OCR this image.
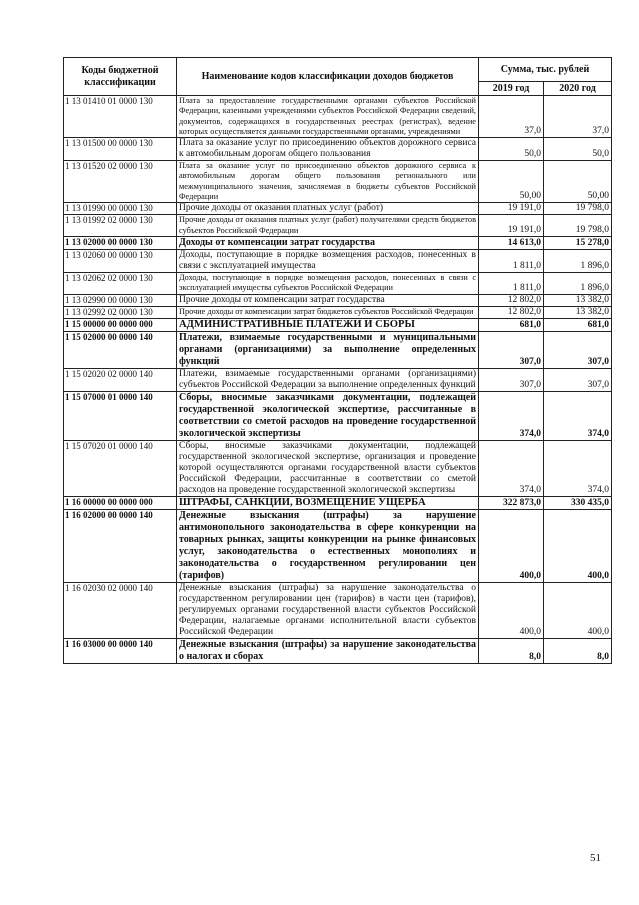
Коды бюджетной классификации	Наименование кодов классификации доходов бюджетов	Сумма, тыс. рублей	
		2019 год	2020 год
1 13 01410 01 0000 130	Плата за предоставление государственными органами субъектов Российской Федерации, казенными учреждениями субъектов Российской Федерации сведений, документов, содержащихся в государственных реестрах (регистрах), ведение которых осуществляется данными государственными органами, учреждениями	37,0	37,0
1 13 01500 00 0000 130	Плата за оказание услуг по присоединению объектов дорожного сервиса к автомобильным дорогам общего пользования	50,0	50,0
1 13 01520 02 0000 130	Плата за оказание услуг по присоединению объектов дорожного сервиса к автомобильным дорогам общего пользования регионального или межмуниципального значения, зачисляемая в бюджеты субъектов Российской Федерации	50,00	50,00
1 13 01990 00 0000 130	Прочие доходы от оказания платных услуг (работ)	19 191,0	19 798,0
1 13 01992 02 0000 130	Прочие доходы от оказания платных услуг (работ) получателями средств бюджетов субъектов Российской Федерации	19 191,0	19 798,0
1 13 02000 00 0000 130	Доходы от компенсации затрат государства	14 613,0	15 278,0
1 13 02060 00 0000 130	Доходы, поступающие в порядке возмещения расходов, понесенных в связи с эксплуатацией имущества	1 811,0	1 896,0
1 13 02062 02 0000 130	Доходы, поступающие в порядке возмещения расходов, понесенных в связи с эксплуатацией имущества субъектов Российской Федерации	1 811,0	1 896,0
1 13 02990 00 0000 130	Прочие доходы от компенсации затрат государства	12 802,0	13 382,0
1 13 02992 02 0000 130	Прочие доходы от компенсации затрат бюджетов субъектов Российской Федерации	12 802,0	13 382,0
1 15 00000 00 0000 000	АДМИНИСТРАТИВНЫЕ ПЛАТЕЖИ И СБОРЫ	681,0	681,0
1 15 02000 00 0000 140	Платежи, взимаемые государственными и муниципальными органами (организациями) за выполнение определенных функций	307,0	307,0
1 15 02020 02 0000 140	Платежи, взимаемые государственными органами (организациями) субъектов Российской Федерации за выполнение определенных функций	307,0	307,0
1 15 07000 01 0000 140	Сборы, вносимые заказчиками документации, подлежащей государственной экологической экспертизе, рассчитанные в соответствии со сметой расходов на проведение государственной экологической экспертизы	374,0	374,0
1 15 07020 01 0000 140	Сборы, вносимые заказчиками документации, подлежащей государственной экологической экспертизе, организация и проведение которой осуществляются органами государственной власти субъектов Российской Федерации, рассчитанные в соответствии со сметой расходов на проведение государственной экологической экспертизы	374,0	374,0
1 16 00000 00 0000 000	ШТРАФЫ, САНКЦИИ, ВОЗМЕЩЕНИЕ УЩЕРБА	322 873,0	330 435,0
1 16 02000 00 0000 140	Денежные взыскания (штрафы) за нарушение антимонопольного законодательства в сфере конкуренции на товарных рынках, защиты конкуренции на рынке финансовых услуг, законодательства о естественных монополиях и законодательства о государственном регулировании цен (тарифов)	400,0	400,0
1 16 02030 02 0000 140	Денежные взыскания (штрафы) за нарушение законодательства о государственном регулировании цен (тарифов) в части цен (тарифов), регулируемых органами государственной власти субъектов Российской Федерации, налагаемые органами исполнительной власти субъектов Российской Федерации	400,0	400,0
1 16 03000 00 0000 140	Денежные взыскания (штрафы) за нарушение законодательства о налогах и сборах	8,0	8,0
51
